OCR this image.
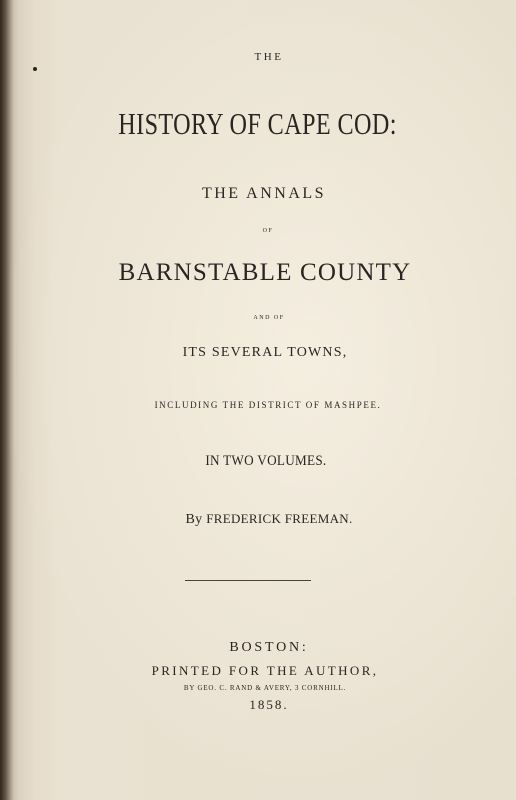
THE
HISTORY OF CAPE COD:
THE ANNALS
OF
BARNSTABLE COUNTY
AND OF
ITS SEVERAL TOWNS,
INCLUDING THE DISTRICT OF MASHPEE.
IN TWO VOLUMES.
By FREDERICK FREEMAN.
BOSTON:
PRINTED FOR THE AUTHOR,
BY GEO. C. RAND & AVERY, 3 CORNHILL.
1858.
